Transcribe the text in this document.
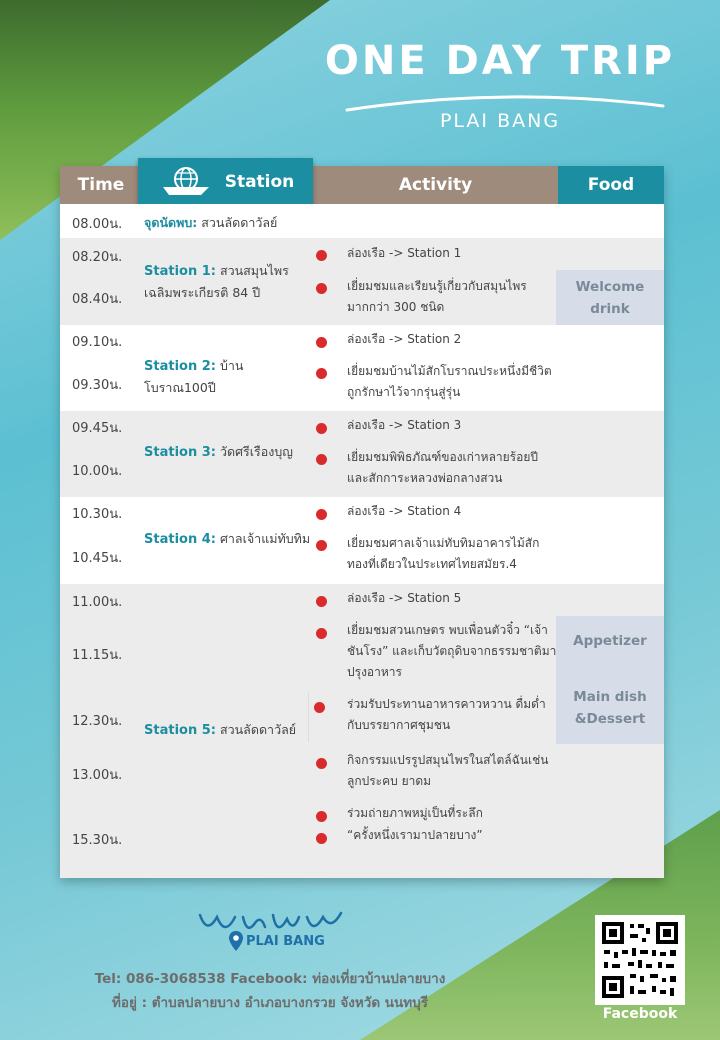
ONE DAY TRIP
PLAI BANG
Time	Activity	Food
Station
08.00น. จุดนัดพบ: สวนลัดดาวัลย์
08.20น.
08.40น.
Station 1: สวนสมุนไพรเฉลิมพระเกียรติ 84 ปี
ล่องเรือ -> Station 1
เยี่ยมชมและเรียนรู้เกี่ยวกับสมุนไพรมากกว่า 300 ชนิด
Welcome drink
09.10น.
09.30น.
Station 2: บ้านโบราณ100ปี
ล่องเรือ -> Station 2
เยี่ยมชมบ้านไม้สักโบราณประหนึ่งมีชีวิตถูกรักษาไว้จากรุ่นสู่รุ่น
09.45น.
10.00น.
Station 3: วัดศรีเรืองบุญ
ล่องเรือ -> Station 3
เยี่ยมชมพิพิธภัณฑ์ของเก่าหลายร้อยปีและสักการะหลวงพ่อกลางสวน
10.30น.
10.45น.
Station 4: ศาลเจ้าแม่ทับทิม
ล่องเรือ -> Station 4
เยี่ยมชมศาลเจ้าแม่ทับทิมอาคารไม้สักทองที่เดียวในประเทศไทยสมัยร.4
11.00น.
11.15น.
12.30น.
13.00น.
15.30น.
Station 5: สวนลัดดาวัลย์
ล่องเรือ -> Station 5
เยี่ยมชมสวนเกษตร พบเพื่อนตัวจิ๋ว “เจ้าชันโรง” และเก็บวัตถุดิบจากธรรมชาติมาปรุงอาหาร
ร่วมรับประทานอาหารคาวหวาน ดื่มด่ำกับบรรยากาศชุมชน
กิจกรรมแปรรูปสมุนไพรในสไตล์ฉันเช่น ลูกประคบ ยาดม
ร่วมถ่ายภาพหมู่เป็นที่ระลึก
“ครั้งหนึ่งเรามาปลายบาง”
Appetizer
Main dish &Dessert
PLAI BANG
Tel: 086-3068538 Facebook: ท่องเที่ยวบ้านปลายบาง
ที่อยู่ : ตำบลปลายบาง อำเภอบางกรวย จังหวัด นนทบุรี
Facebook
